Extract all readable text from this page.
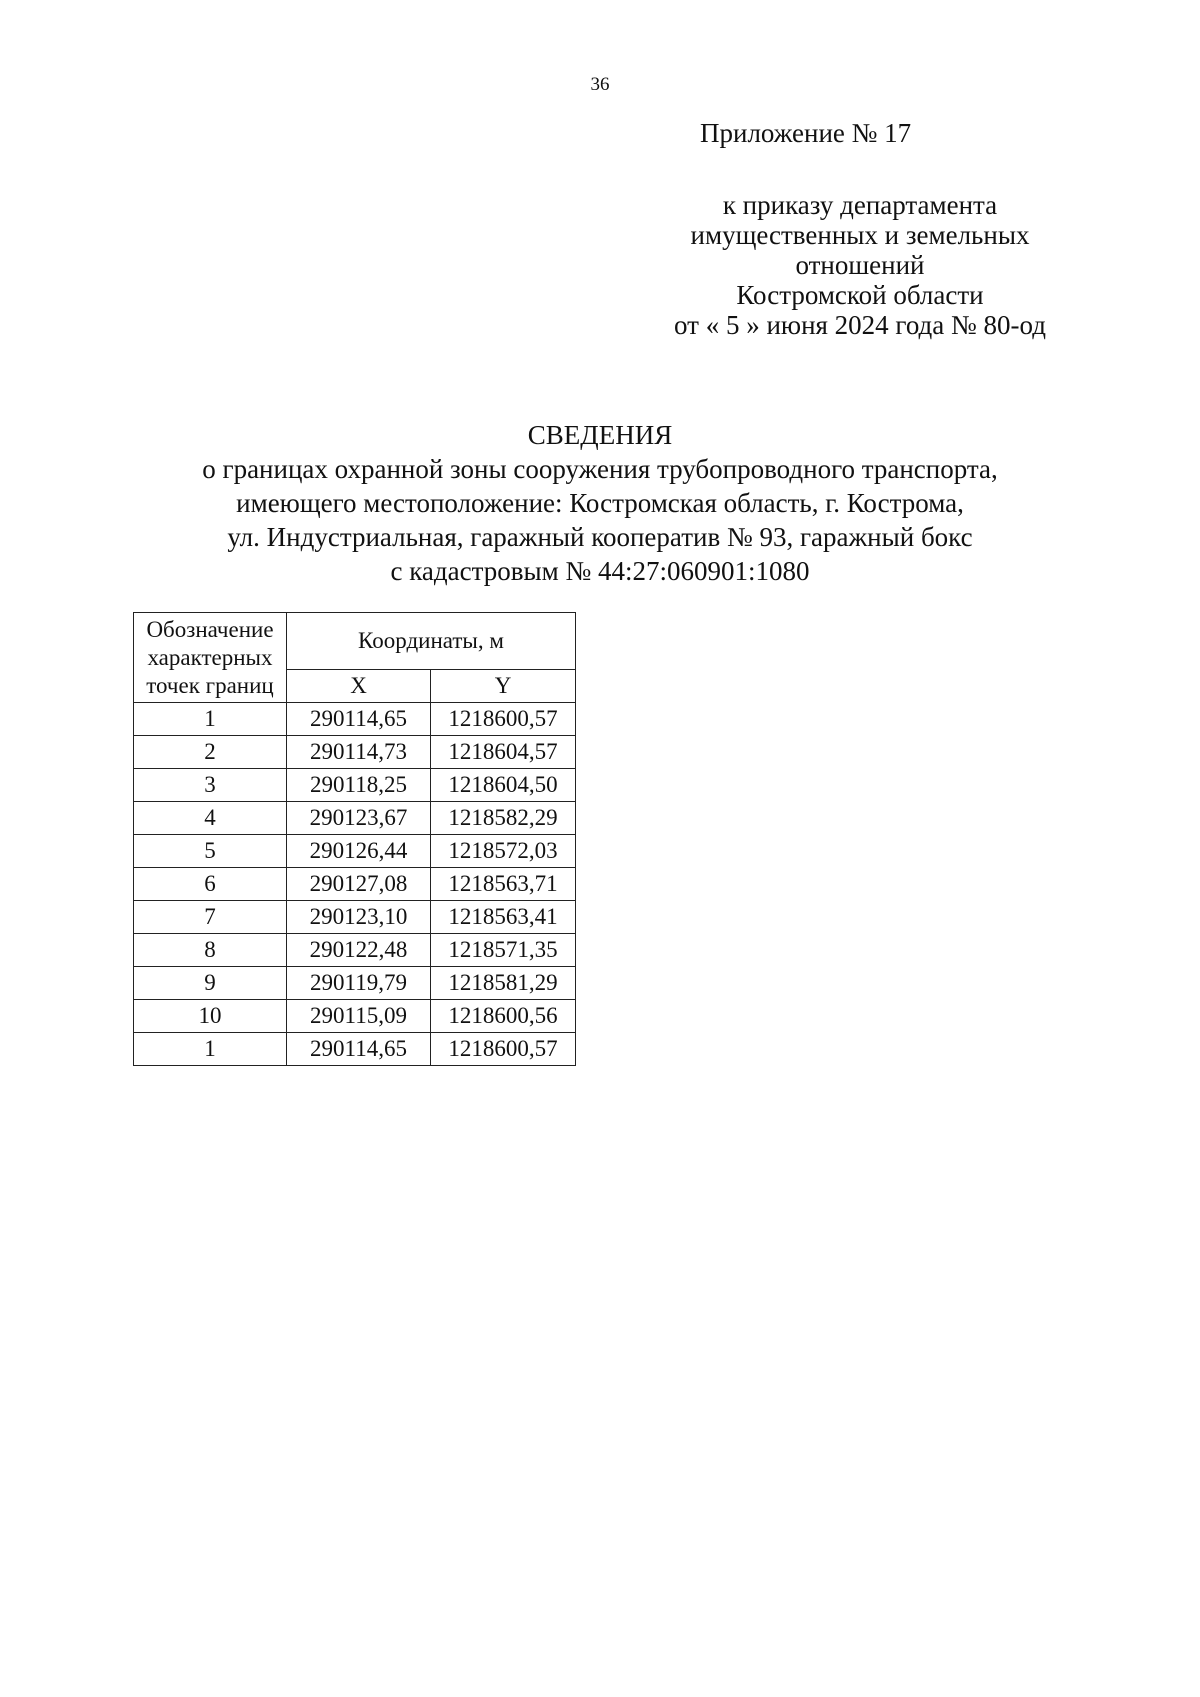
36
Приложение № 17
к приказу департамента
имущественных и земельных
отношений
Костромской области
от « 5 » июня 2024 года № 80-од
СВЕДЕНИЯ
о границах охранной зоны сооружения трубопроводного транспорта,
имеющего местоположение: Костромская область, г. Кострома,
ул. Индустриальная, гаражный кооператив № 93, гаражный бокс
с кадастровым № 44:27:060901:1080
Обозначение
характерных
точек границ	Координаты, м	
	X	Y
1	290114,65	1218600,57
2	290114,73	1218604,57
3	290118,25	1218604,50
4	290123,67	1218582,29
5	290126,44	1218572,03
6	290127,08	1218563,71
7	290123,10	1218563,41
8	290122,48	1218571,35
9	290119,79	1218581,29
10	290115,09	1218600,56
1	290114,65	1218600,57
